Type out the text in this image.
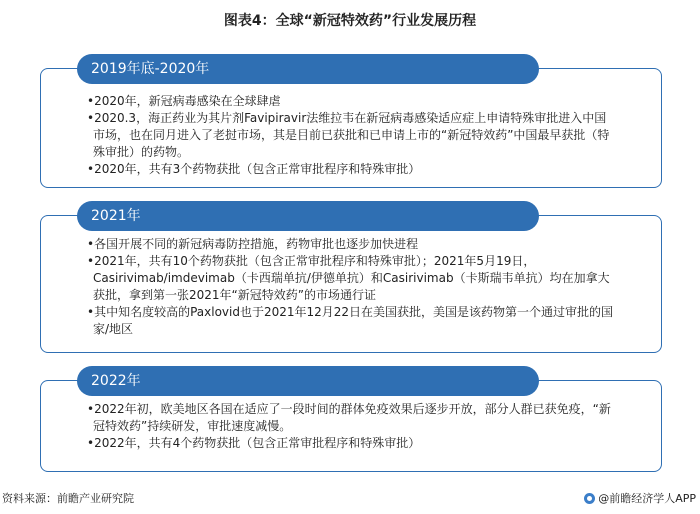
图表4：全球“新冠特效药”行业发展历程
2019年底-2020年
• 2020年，新冠病毒感染在全球肆虐
• 2020.3，海正药业为其片剂Favipiravir法维拉韦在新冠病毒感染适应症上申请特殊审批进入中国市场，也在同月进入了老挝市场，其是目前已获批和已申请上市的“新冠特效药”中国最早获批（特殊审批）的药物。
• 2020年，共有3个药物获批（包含正常审批程序和特殊审批）
2021年
• 各国开展不同的新冠病毒防控措施，药物审批也逐步加快进程
• 2021年，共有10个药物获批（包含正常审批程序和特殊审批）；2021年5月19日，Casirivimab/imdevimab（卡西瑞单抗/伊德单抗）和Casirivimab（卡斯瑞韦单抗）均在加拿大获批，拿到第一张2021年“新冠特效药”的市场通行证
• 其中知名度较高的Paxlovid也于2021年12月22日在美国获批，美国是该药物第一个通过审批的国家/地区
2022年
• 2022年初，欧美地区各国在适应了一段时间的群体免疫效果后逐步开放，部分人群已获免疫，“新冠特效药”持续研发，审批速度减慢。
• 2022年，共有4个药物获批（包含正常审批程序和特殊审批）
资料来源：前瞻产业研究院	@前瞻经济学人APP
